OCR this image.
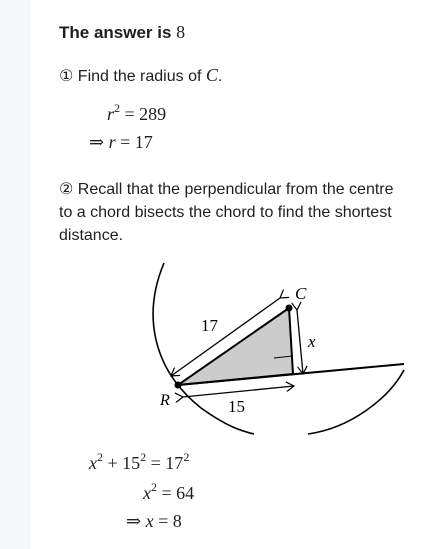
The answer is 8
① Find the radius of C.
$r^2 = 289$
⇒ r = 17
② Recall that the perpendicular from the centre to a chord bisects the chord to find the shortest distance.
C
R
x
17
15
$x^2 + 15^2 = 17^2$
$x^2 = 64$
⇒ x = 8
